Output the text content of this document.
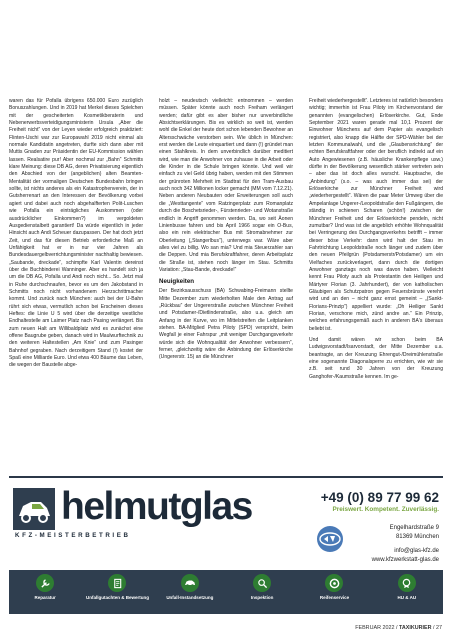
waren das für Pofalla übrigens 650.000 Euro zuzüglich Bonuszahlungen. Und in 2019 hat Merkel dieses Spielchen mit der gescheiterten Kosmetikberaterin und Nebenerwerbsverteidigungsministerin Ursula „Aber die Freiheit nicht“ von der Leyen wieder erfolgreich praktiziert: Flinten-Uschi war zur Europawahl 2019 nicht einmal als normale Kandidatin angetreten, durfte sich dann aber mit Muttis Gnaden zur Präsidentin der EU-Kommission wählen lassen. Realsatire pur! Aber nochmal zur „Bahn“ Schmitts klare Meinung: diese DB AG, deren Privatisierung eigentlich den Abschied von der (angeblichen) alten Beamten-Mentalität der vormaligen Deutschen Bundesbahn bringen sollte, ist nichts anderes als ein Katastrophenverein, der in Gutsherrenart an den Interessen der Bevölkerung vorbei agiert und dabei auch noch abgehalfterten Polit-Luschen wie Pofalla ein einträgliches Auskommen (oder ausdrücklicher Einkommen?) im vergoldeten Ausgedienstalbett garantiert! Da würde eigentlich in jeder Hinsicht auch Andi Scheuer dazupassen. Der hat doch jetzt Zeit, und das für diesen Betrieb erforderliche Maß an Unfähigkeit hat er in nur vier Jahren als Bundesdauergelbverrichtungsminister nachhaltig bewiesen. „Saubande, dreckade“, schimpfte Karl Valentin dereinst über die Buchbinderei Wanninger. Aber es handelt sich ja um die DB AG, Pofalla und Andi noch nicht... So. Jetzt mal in Ruhe durchschnaufen, bevor es um den Jakobstand in Schmitts noch nicht vorhandenem Herzschrittmacher kommt. Und zurück nach München: auch bei der U-Bahn rührt sich etwas, vermutlich schon bei Erscheinen dieses Heftes: die Linie U 5 wird über die derzeitige westliche Endhaltestelle am Laimer Platz nach Pasing verlängert. Bis zum neuen Halt am Willibaldplatz wird es zunächst eine offene Baugrube geben, danach wird in Maulwurftechnik zu den weiteren Haltestellen „Am Knie“ und zum Pasinger Bahnhof gegraben. Nach derzeitigem Stand (!) kostet der Spaß eine Milliarde Euro. Und etwa 400 Bäume das Leben, die wegen der Baustelle abge-

holzt – neudeutsch vielleicht: entnommen – werden müssen. Später könnte auch noch Freiham verlängert werden; dafür gibt es aber bisher nur unverbindliche Absichtserklärungen. Bis es wirklich so weit ist, werden wohl die Enkel der heute dort schon lebenden Bewohner an Altersschwäche verstorben sein. Wie üblich in München: erst werden die Leute einquartiert und dann (!) gründet man einen Stahlkreis. In dem unverbindlich darüber meditiert wird, wie man die Anwohner von zuhause in die Arbeit oder die Kinder in die Schule bringen könnte. Und weil wir einfach zu viel Geld übrig haben, werden mit den Stimmen der grünroten Mehrheit im Stadtrat für den Tram-Ausbau auch noch 342 Millionen locker gemacht (MM vom 7.12.21). Neben anderen Neubauten oder Erweiterungen soll auch die „Westtangente“ vom Ratzingerplatz zum Romanplatz durch die Boschetsrieder-, Fürstenrieder- und Wotanstraße endlich in Angriff genommen werden. Da, wo seit Äonen Linienbusse fahren und bis April 1966 sogar ein O-Bus, also ein rein elektrischer Bus mit Stromabnehmer zur Oberleitung („Stangerlbus“), unterwegs war. Wäre aber alles viel zu billig. Wo san mia? Und mia Steuerzahler san die Deppen. Und mia Berufskraftfahrer, deren Arbeitsplatz die Straße ist, stehen noch länger im Stau. Schmitts Variation: „Stau-Bande, dreckade!“

Neuigkeiten

Der Bezirksausschuss (BA) Schwabing-Freimann stellte Mitte Dezember zum wiederholten Male den Antrag auf „Rückbau“ der Ungererstraße zwischen Münchner Freiheit und Potsdamer-/Dietlindenstraße, also u.a. gleich am Anfang in der Kurve, wo im Mittelstreifen die Leitplanken stehen. BA-Mitglied Petra Piloty (SPD) verspricht, beim Wegfall je einer Fahrspur „mit weniger Durchgangsverkehr würde sich die Wohnqualität der Anwohner verbessern“, ferner, „gleichzeitig wäre die Anbindung der Erlöserkirche (Ungererstr. 15) an die Münchner

Freiheit wiederhergestellt“. Letzteres ist natürlich besonders wichtig; immerhin ist Frau Piloty im Kirchenvorstand der genannten (evangelischen) Erlöserkirche. Gut, Ende September 2021 waren gerade mal 10,1 Prozent der Einwohner Münchens auf dem Papier als evangelisch registriert, also knapp die Hälfte der SPD-Wähler bei der letzten Kommunalwahl, und die „Glaubensrichtung“ der echten Berufskraftfahrer oder der beruflich indirekt auf ein Auto Angewiesenen (z.B. häusliche Krankenpflege usw.) dürfte in der Bevölkerung wesentlich stärker vertreten sein – aber das ist doch alles wurscht. Hauptsache, die „Anbindung“ (s.o. – was auch immer das sei) der Erlöserkirche zur Münchner Freiheit wird „wiederhergestellt“. Wären die paar Meter Umweg über die Ampelanlage Ungerer-/Leopoldstraße den Fußgängern, die ständig in schienen Scharen (schön!) zwischen der Münchner Freiheit und der Erlöserkirche pendeln, nicht zumutbar? Und was ist die angeblich erhöhte Wohnqualität bei Verringerung des Durchgangsverkehrs betrifft – immer dieser böse Verkehr: dann wird halt der Stau im Fahrtrichtung Leopoldstraße noch länger und zudem über den neuen Pfeilgrün (Potsdamerstr/Potsdamer) um ein Vielfaches zurückverlagert, dann durch die dortigen Anwohner ganztags noch was davon haben. Vielleicht kennt Frau Piloty auch als Protestantin den Heiligen und Märtyrer Florian (3. Jahrhundert), der von katholischen Gläubigen als Schutzpatron gegen Feuersbrünste verehrt wird und an den – nicht ganz ernst gemeint – „(Sankt-Florians-Prinzip“) appelliert wurde: „Oh Heiliger Sankt Florian, verschone mich, zünd andre an.“ Ein Prinzip, welches erfahrungsgemäß auch in anderen BA's überaus beliebt ist.

Und damit wären wir schon beim BA Ludwigsvorstadt/Isarvorstadt, der Mitte Dezember u.a. beantragte, an der Kreuzung Ehrengut-/Dreimühlenstraße eine sogenannte Diagonalsperre zu errichten, wie wir sie z.B. seit rund 30 Jahren von der Kreuzung Ganghofer-/Kaumstraße kennen. Im ge-

helmutglas
KFZ-MEISTERBETRIEB
+49 (0) 89 77 99 62
Preiswert. Kompetent. Zuverlässig.
Engelhardstraße 9
81369 München
info@glas-kfz.de
www.kfzwerkstatt-glas.de
Reparatur	Unfallgutachten & Bewertung	Unfall-Instandsetzung	Inspektion	Reifenservice	HU & AU
FEBRUAR 2022 / TAXIKURIER / 27
